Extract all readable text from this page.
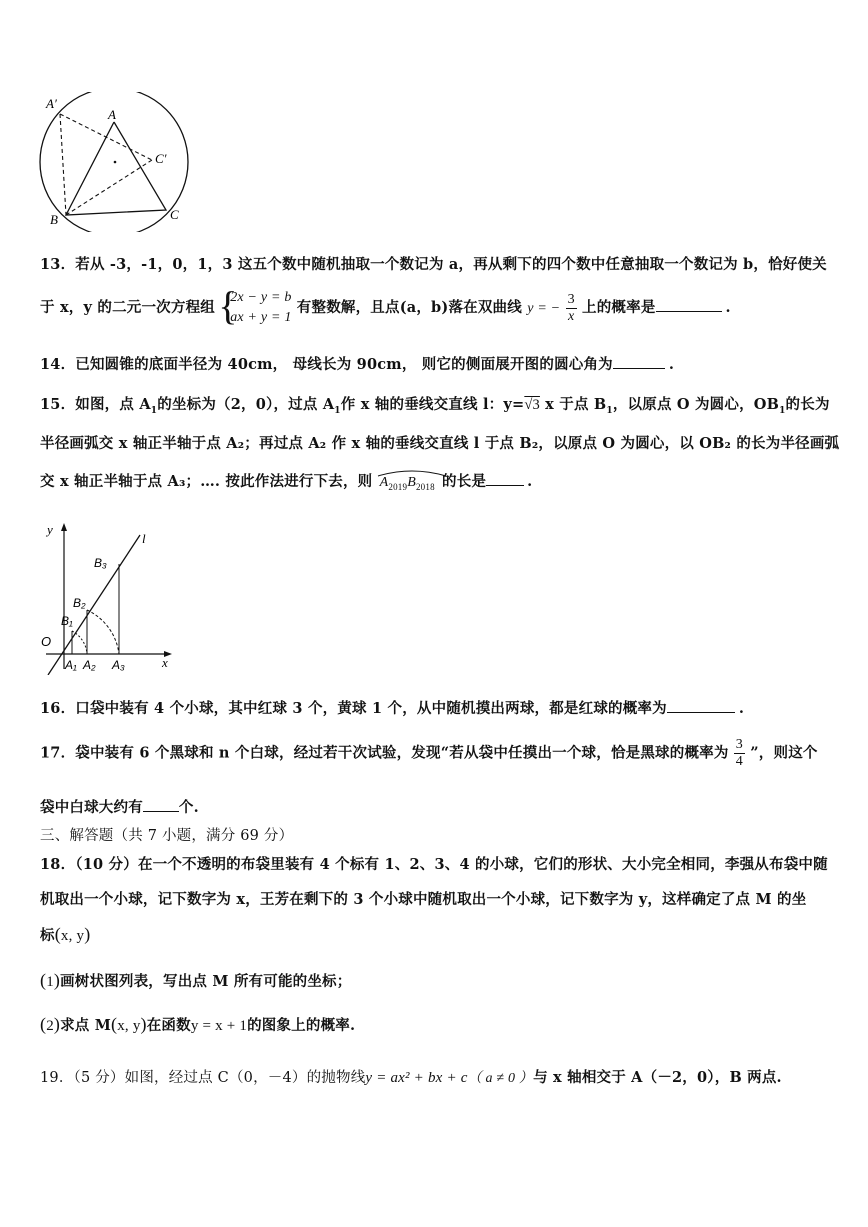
A′
A
C′
B	C
13．若从 -3，-1，0，1，3 这五个数中随机抽取一个数记为 a，再从剩下的四个数中任意抽取一个数记为 b，恰好使关
于 x，y 的二元一次方程组
{ 2x − y = b
ax + y = 1
有整数解，且点(a，b)落在双曲线 y = − $\frac{3}{x}$ 上的概率是	.
14．已知圆锥的底面半径为 40cm， 母线长为 90cm， 则它的侧面展开图的圆心角为	.
15．如图，点 $A_1$的坐标为（2，0），过点 $A_1$作 x 轴的垂线交直线 l：y=√3 x 于点 $B_1$，以原点 O 为圆心，$OB_1$的长为
半径画弧交 x 轴正半轴于点 A₂；再过点 A₂ 作 x 轴的垂线交直线 l 于点 B₂，以原点 O 为圆心，以 OB₂ 的长为半径画弧
交 x 轴正半轴于点 A₃；…. 按此作法进行下去，则 $A_{2019}B_{2018}$ 的长是	.
y
x
O
l
B₃
B₂
B₁
A₁ A₂ A₃
16．口袋中装有 4 个小球，其中红球 3 个，黄球 1 个，从中随机摸出两球，都是红球的概率为	.
17．袋中装有 6 个黑球和 n 个白球，经过若干次试验，发现“若从袋中任摸出一个球，恰是黑球的概率为 $\frac{3}{4}$ ”，则这个
袋中白球大约有 个.
三、解答题（共 7 小题，满分 69 分）
18．（10 分）在一个不透明的布袋里装有 4 个标有 1、2、3、4 的小球，它们的形状、大小完全相同，李强从布袋中随
机取出一个小球，记下数字为 x，王芳在剩下的 3 个小球中随机取出一个小球，记下数字为 y，这样确定了点 M 的坐
标(x, y)
(1)画树状图列表，写出点 M 所有可能的坐标；
(2)求点 M(x, y)在函数y = x + 1的图象上的概率.
19．（5 分）如图，经过点 C（0，－4）的抛物线y = ax² + bx + c（ a ≠ 0 ）与 x 轴相交于 A（－2，0），B 两点.
